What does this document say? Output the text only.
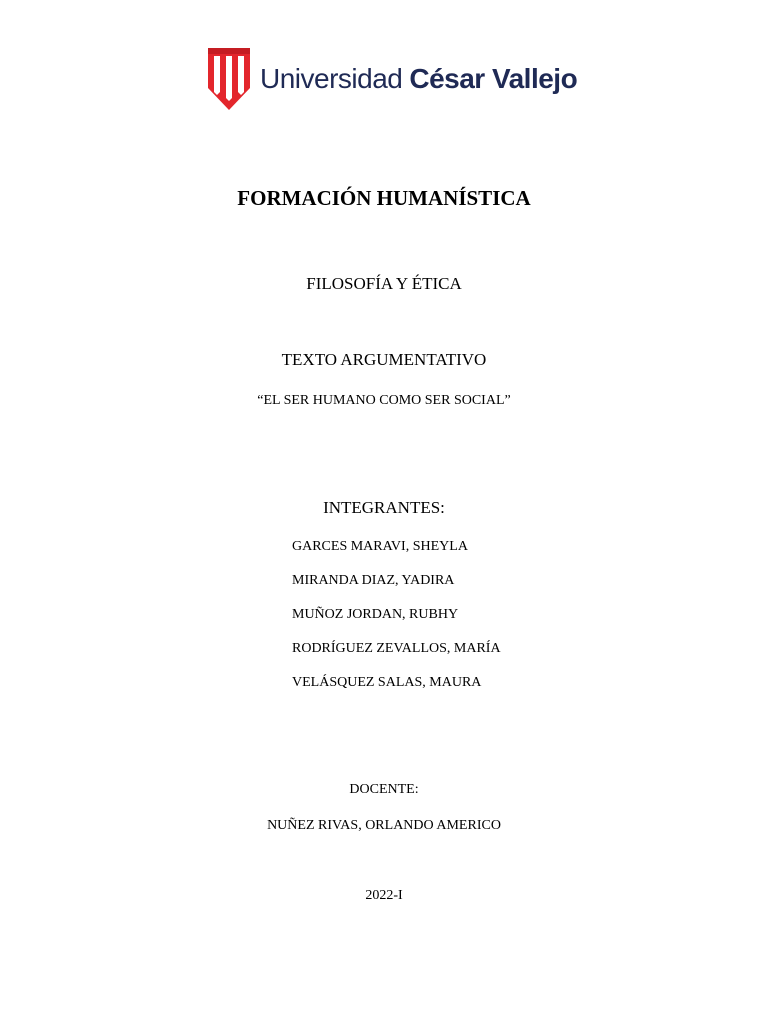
Universidad César Vallejo
FORMACIÓN HUMANÍSTICA
FILOSOFÍA Y ÉTICA
TEXTO ARGUMENTATIVO
“EL SER HUMANO COMO SER SOCIAL”
INTEGRANTES:
GARCES MARAVI, SHEYLA
MIRANDA DIAZ, YADIRA
MUÑOZ JORDAN, RUBHY
RODRÍGUEZ ZEVALLOS, MARÍA
VELÁSQUEZ SALAS, MAURA
DOCENTE:
NUÑEZ RIVAS, ORLANDO AMERICO
2022-I
